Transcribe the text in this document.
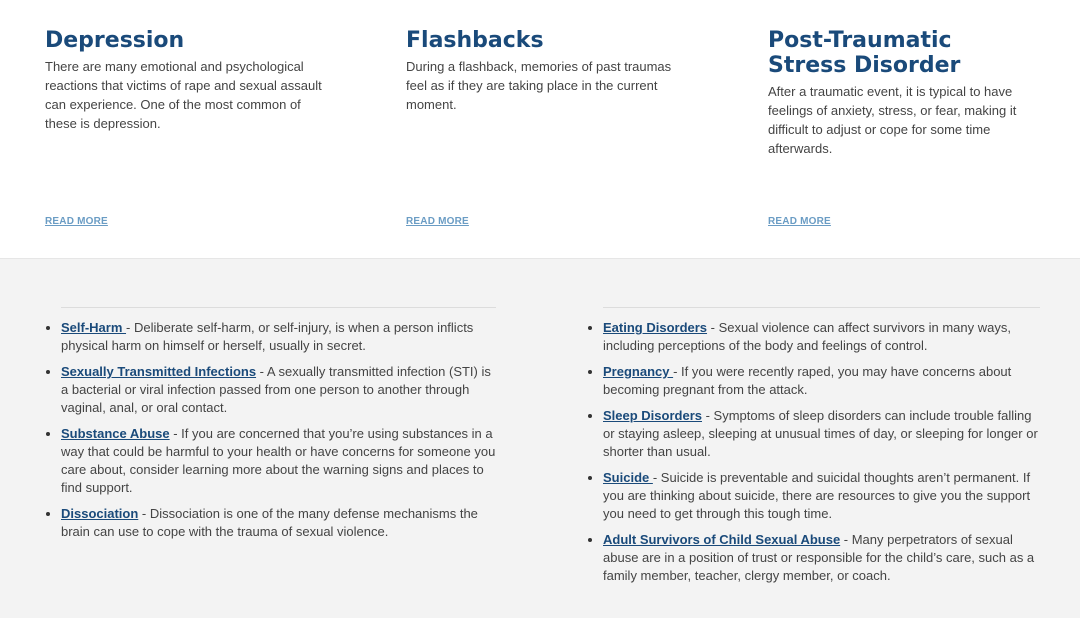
Depression

There are many emotional and psychological reactions that victims of rape and sexual assault can experience. One of the most common of these is depression.

READ MORE
Flashbacks

During a flashback, memories of past traumas feel as if they are taking place in the current moment.

READ MORE
Post-Traumatic Stress Disorder

After a traumatic event, it is typical to have feelings of anxiety, stress, or fear, making it difficult to adjust or cope for some time afterwards.

READ MORE
Self-Harm - Deliberate self-harm, or self-injury, is when a person inflicts physical harm on himself or herself, usually in secret.
Sexually Transmitted Infections - A sexually transmitted infection (STI) is a bacterial or viral infection passed from one person to another through vaginal, anal, or oral contact.
Substance Abuse - If you are concerned that you’re using substances in a way that could be harmful to your health or have concerns for someone you care about, consider learning more about the warning signs and places to find support.
Dissociation - Dissociation is one of the many defense mechanisms the brain can use to cope with the trauma of sexual violence.
Eating Disorders - Sexual violence can affect survivors in many ways, including perceptions of the body and feelings of control.
Pregnancy - If you were recently raped, you may have concerns about becoming pregnant from the attack.
Sleep Disorders - Symptoms of sleep disorders can include trouble falling or staying asleep, sleeping at unusual times of day, or sleeping for longer or shorter than usual.
Suicide - Suicide is preventable and suicidal thoughts aren’t permanent. If you are thinking about suicide, there are resources to give you the support you need to get through this tough time.
Adult Survivors of Child Sexual Abuse - Many perpetrators of sexual abuse are in a position of trust or responsible for the child’s care, such as a family member, teacher, clergy member, or coach.
